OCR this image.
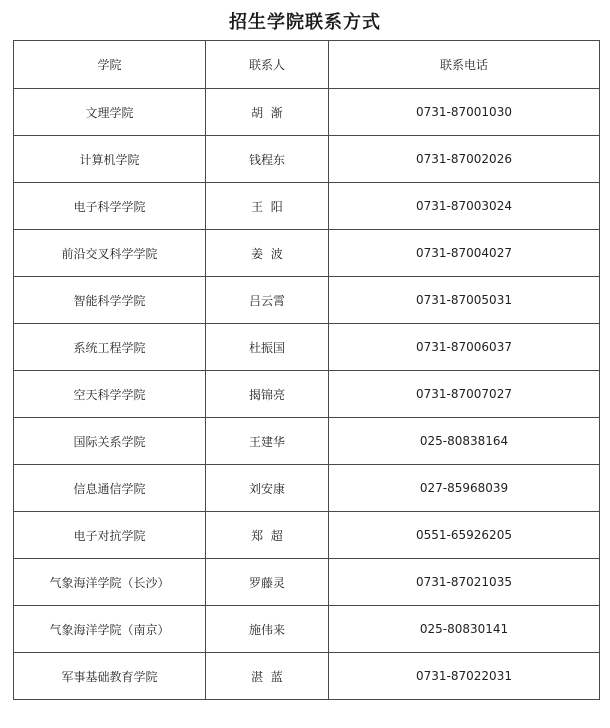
招生学院联系方式
学院	联系人	联系电话
文理学院	胡  渐	0731-87001030
计算机学院	钱程东	0731-87002026
电子科学学院	王  阳	0731-87003024
前沿交叉科学学院	姜  波	0731-87004027
智能科学学院	吕云霄	0731-87005031
系统工程学院	杜振国	0731-87006037
空天科学学院	揭锦亮	0731-87007027
国际关系学院	王建华	025-80838164
信息通信学院	刘安康	027-85968039
电子对抗学院	郑  超	0551-65926205
气象海洋学院（长沙）	罗藤灵	0731-87021035
气象海洋学院（南京）	施伟来	025-80830141
军事基础教育学院	湛  蓝	0731-87022031
